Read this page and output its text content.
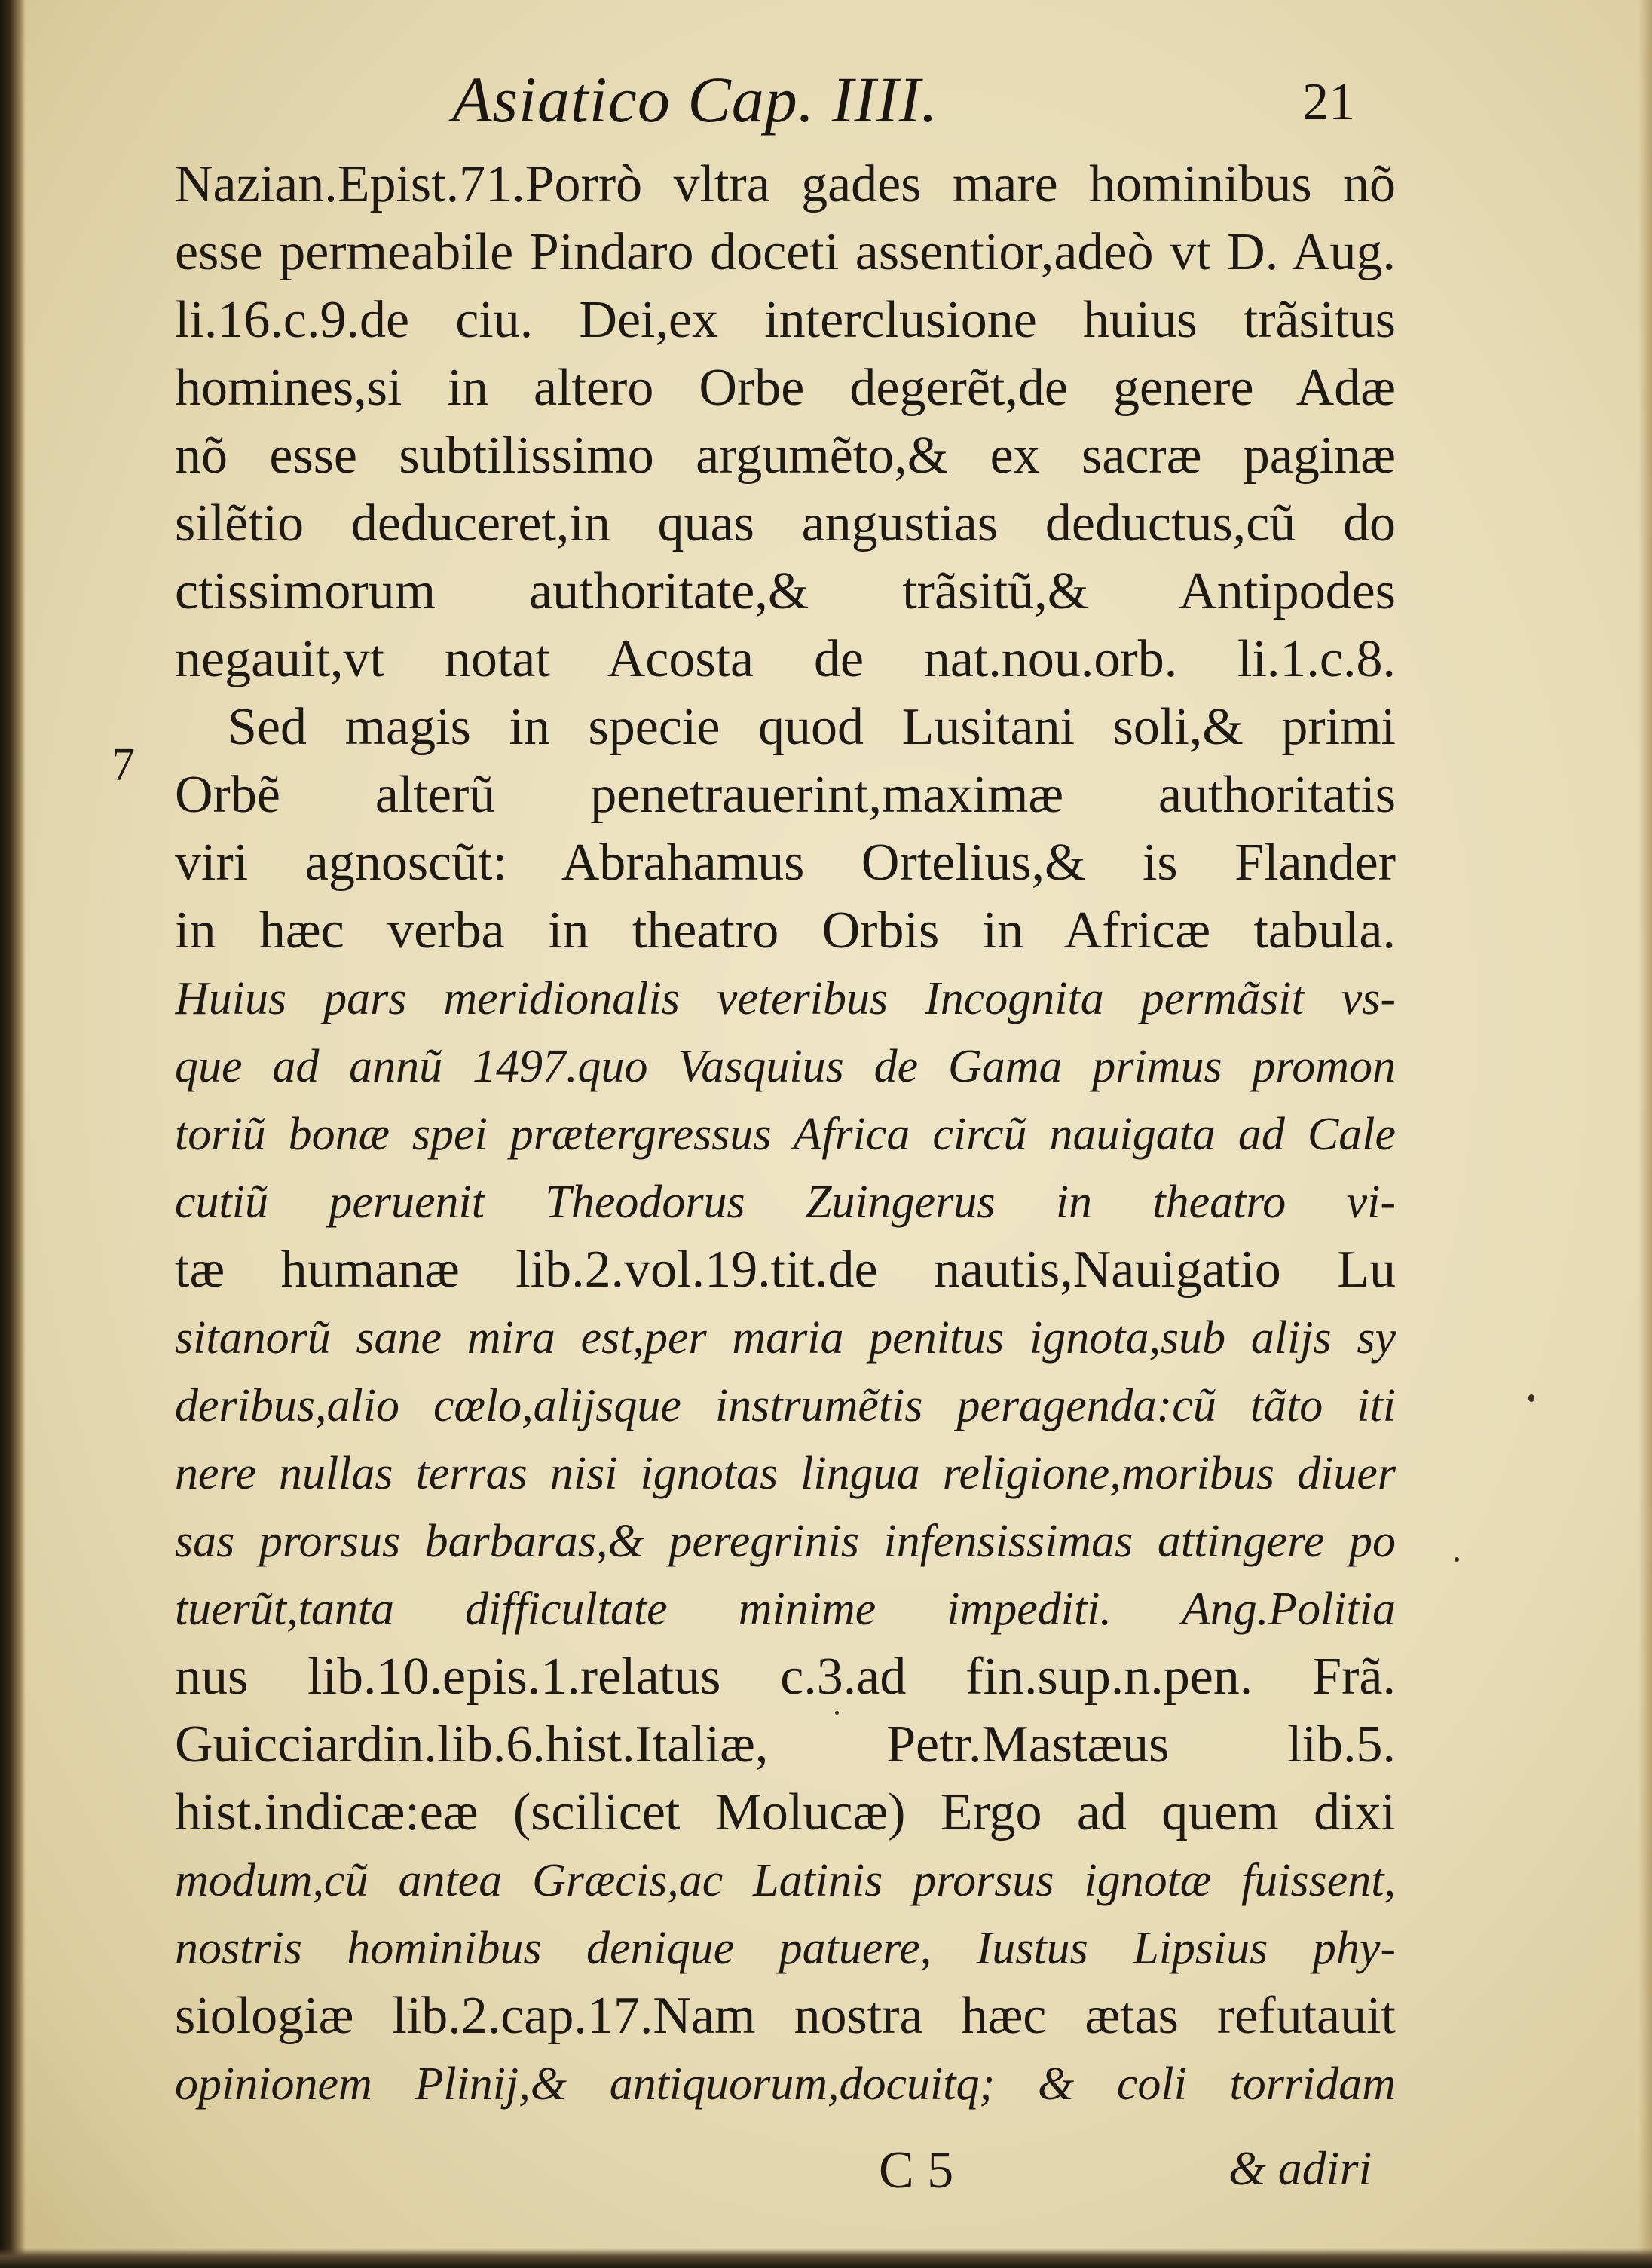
Asiatico Cap. IIII.	21
7
Nazian.Epist.71.Porrò vltra gades mare hominibus nõ
esse permeabile Pindaro doceti assentior,adeò vt D. Aug.
li.16.c.9.de ciu. Dei,ex interclusione huius trãsitus
homines,si in altero Orbe degerẽt,de genere Adæ
nõ esse subtilissimo argumẽto,& ex sacræ paginæ
silẽtio deduceret,in quas angustias deductus,cũ do
ctissimorum authoritate,& trãsitũ,& Antipodes
negauit,vt notat Acosta de nat.nou.orb. li.1.c.8.
Sed magis in specie quod Lusitani soli,& primi
Orbẽ alterũ penetrauerint,maximæ authoritatis
viri agnoscũt: Abrahamus Ortelius,& is Flander
in hæc verba in theatro Orbis in Africæ tabula.
Huius pars meridionalis veteribus Incognita permãsit vs-
que ad annũ 1497.quo Vasquius de Gama primus promon
toriũ bonæ spei prætergressus Africa circũ nauigata ad Cale
cutiũ peruenit Theodorus Zuingerus in theatro vi-
tæ humanæ lib.2.vol.19.tit.de nautis,Nauigatio Lu
sitanorũ sane mira est,per maria penitus ignota,sub alijs sy
deribus,alio cœlo,alijsque instrumẽtis peragenda:cũ tãto iti
nere nullas terras nisi ignotas lingua religione,moribus diuer
sas prorsus barbaras,& peregrinis infensissimas attingere po
tuerũt,tanta difficultate minime impediti. Ang.Politia
nus lib.10.epis.1.relatus c.3.ad fin.sup.n.pen. Frã.
Guicciardin.lib.6.hist.Italiæ, Petr.Mastæus lib.5.
hist.indicæ:eæ (scilicet Molucæ) Ergo ad quem dixi
modum,cũ antea Græcis,ac Latinis prorsus ignotæ fuissent,
nostris hominibus denique patuere, Iustus Lipsius phy-
siologiæ lib.2.cap.17.Nam nostra hæc ætas refutauit
opinionem Plinij,& antiquorum,docuitq; & coli torridam
C 5	& adiri
